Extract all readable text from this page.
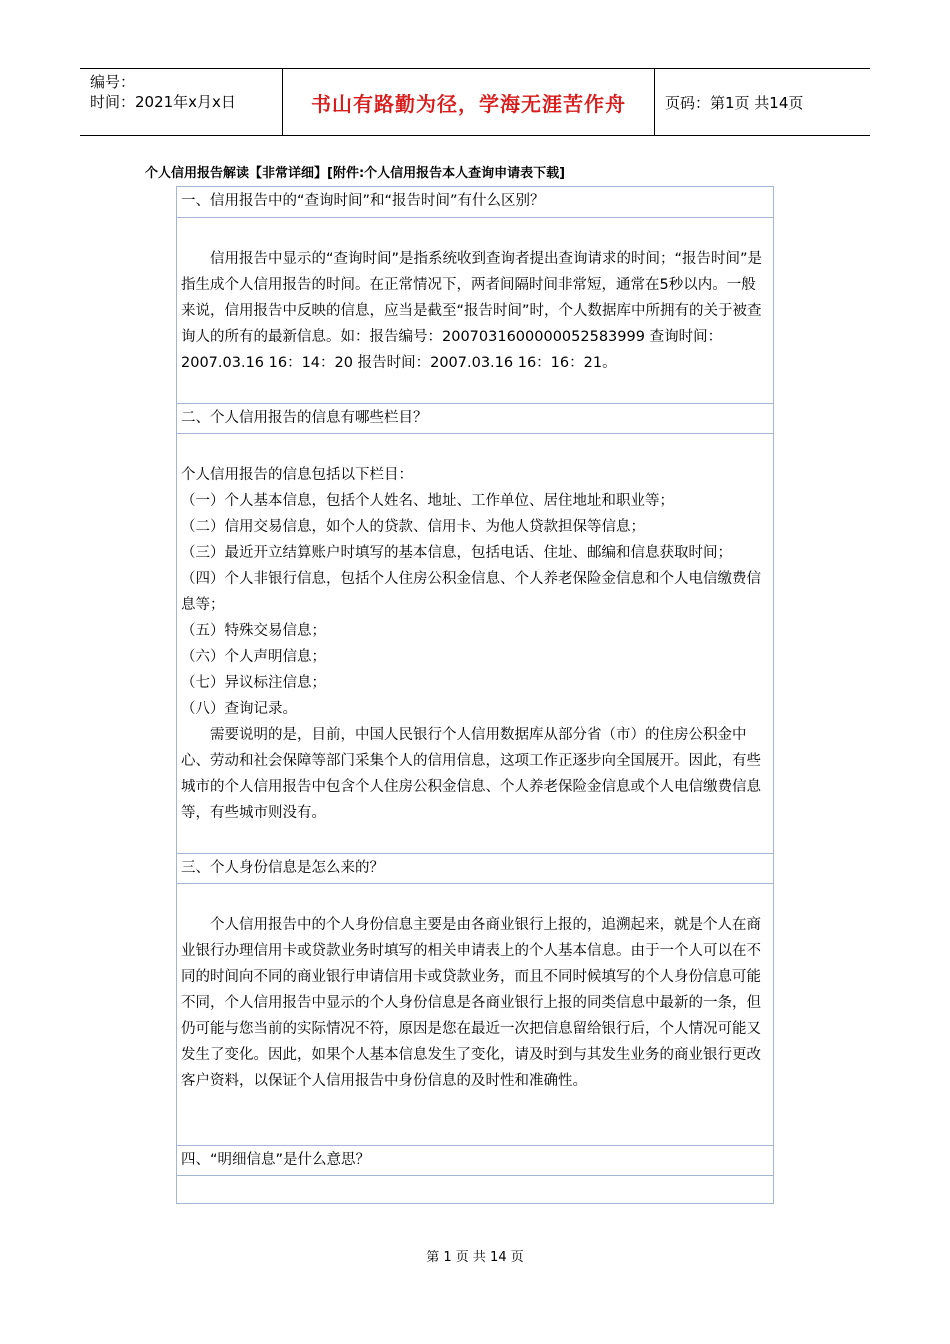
编号：
时间：2021年x月x日	书山有路勤为径，学海无涯苦作舟	页码：第1页 共14页
个人信用报告解读【非常详细】[附件:个人信用报告本人查询申请表下载]
一、信用报告中的“查询时间”和“报告时间”有什么区别？

信用报告中显示的“查询时间”是指系统收到查询者提出查询请求的时间；“报告时间”是指生成个人信用报告的时间。在正常情况下，两者间隔时间非常短，通常在5秒以内。一般来说，信用报告中反映的信息，应当是截至“报告时间”时，个人数据库中所拥有的关于被查询人的所有的最新信息。如：报告编号：2007031600000052583999 查询时间：2007.03.16 16：14：20 报告时间：2007.03.16 16：16：21。

二、个人信用报告的信息有哪些栏目？

个人信用报告的信息包括以下栏目：

（一）个人基本信息，包括个人姓名、地址、工作单位、居住地址和职业等；

（二）信用交易信息，如个人的贷款、信用卡、为他人贷款担保等信息；

（三）最近开立结算账户时填写的基本信息，包括电话、住址、邮编和信息获取时间；

（四）个人非银行信息，包括个人住房公积金信息、个人养老保险金信息和个人电信缴费信息等；

（五）特殊交易信息；

（六）个人声明信息；

（七）异议标注信息；

（八）查询记录。

需要说明的是，目前，中国人民银行个人信用数据库从部分省（市）的住房公积金中心、劳动和社会保障等部门采集个人的信用信息，这项工作正逐步向全国展开。因此，有些城市的个人信用报告中包含个人住房公积金信息、个人养老保险金信息或个人电信缴费信息等，有些城市则没有。

三、个人身份信息是怎么来的？

个人信用报告中的个人身份信息主要是由各商业银行上报的，追溯起来，就是个人在商业银行办理信用卡或贷款业务时填写的相关申请表上的个人基本信息。由于一个人可以在不同的时间向不同的商业银行申请信用卡或贷款业务，而且不同时候填写的个人身份信息可能不同，个人信用报告中显示的个人身份信息是各商业银行上报的同类信息中最新的一条，但仍可能与您当前的实际情况不符，原因是您在最近一次把信息留给银行后，个人情况可能又发生了变化。因此，如果个人基本信息发生了变化，请及时到与其发生业务的商业银行更改客户资料，以保证个人信用报告中身份信息的及时性和准确性。

四、“明细信息”是什么意思？
第 1 页 共 14 页
